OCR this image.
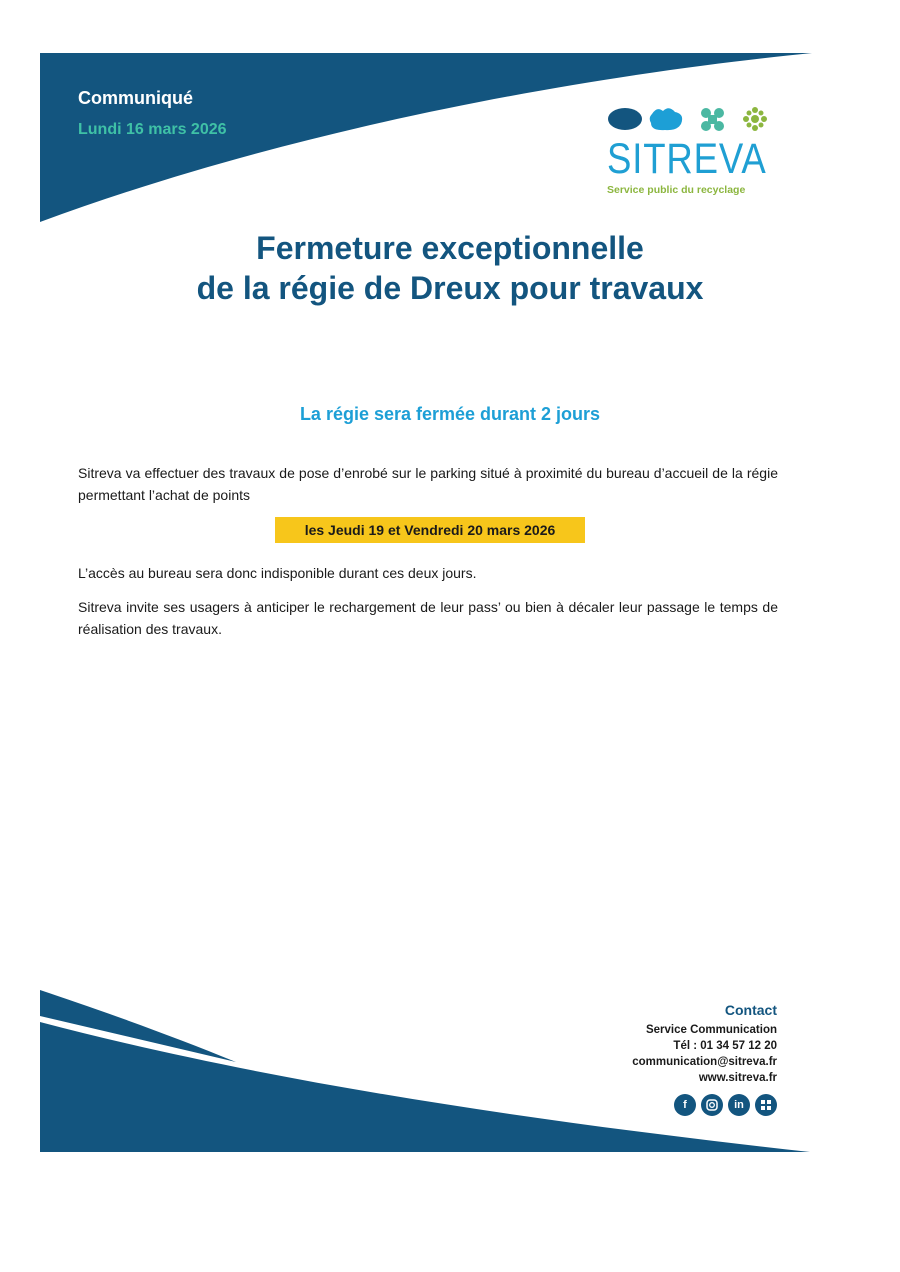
Communiqué
Lundi 16 mars 2026
SITREVA
Service public du recyclage
Fermeture exceptionnelle
de la régie de Dreux pour travaux
La régie sera fermée durant 2 jours
Sitreva va effectuer des travaux de pose d’enrobé sur le parking situé à proximité du bureau d’accueil de la régie permettant l’achat de points
les Jeudi 19 et Vendredi 20 mars 2026
L’accès au bureau sera donc indisponible durant ces deux jours.
Sitreva invite ses usagers à anticiper le rechargement de leur pass’ ou bien à décaler leur passage le temps de réalisation des travaux.
Contact
Service Communication
Tél : 01 34 57 12 20
communication@sitreva.fr
www.sitreva.fr
f	in
